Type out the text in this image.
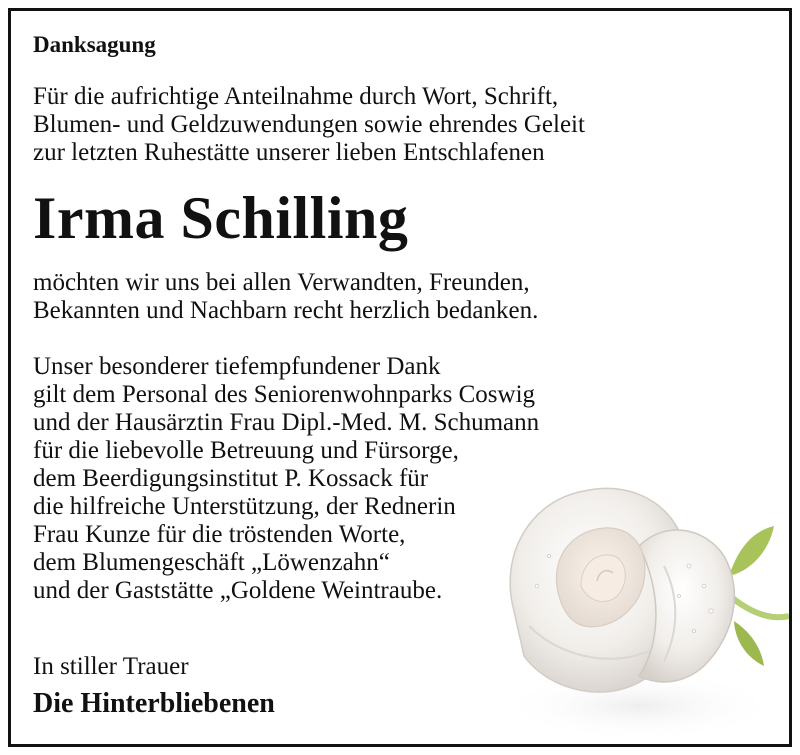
Danksagung

Für die aufrichtige Anteilnahme durch Wort, Schrift,
Blumen- und Geldzuwendungen sowie ehrendes Geleit
zur letzten Ruhestätte unserer lieben Entschlafenen

Irma Schilling

möchten wir uns bei allen Verwandten, Freunden,
Bekannten und Nachbarn recht herzlich bedanken.

Unser besonderer tiefempfundener Dank
gilt dem Personal des Seniorenwohnparks Coswig
und der Hausärztin Frau Dipl.-Med. M. Schumann
für die liebevolle Betreuung und Fürsorge,
dem Beerdigungsinstitut P. Kossack für
die hilfreiche Unterstützung, der Rednerin
Frau Kunze für die tröstenden Worte,
dem Blumengeschäft „Löwenzahn“
und der Gaststätte „Goldene Weintraube.

In stiller Trauer

Die Hinterbliebenen
